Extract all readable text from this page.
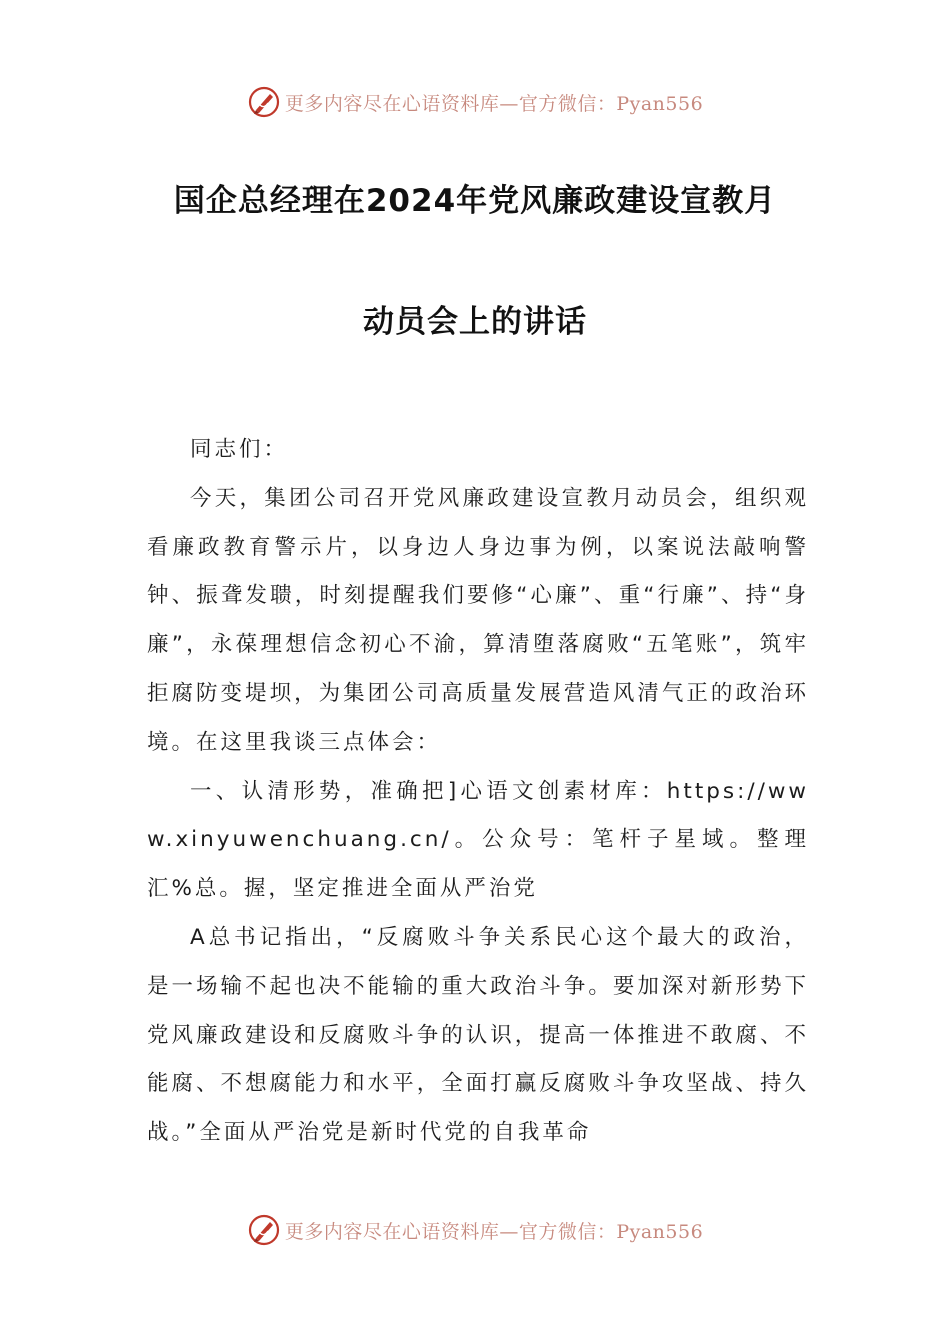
更多内容尽在心语资料库—官方微信：Pyan556
国企总经理在2024年党风廉政建设宣教月
动员会上的讲话

同志们：

今天，集团公司召开党风廉政建设宣教月动员会，组织观看廉政教育警示片，以身边人身边事为例，以案说法敲响警钟、振聋发聩，时刻提醒我们要修“心廉”、重“行廉”、持“身廉”，永葆理想信念初心不渝，算清堕落腐败“五笔账”，筑牢拒腐防变堤坝，为集团公司高质量发展营造风清气正的政治环境。在这里我谈三点体会：

一、认清形势，准确把]心语文创素材库：https://www.xinyuwenchuang.cn/。公众号：笔杆子星域。整理汇%总。握，坚定推进全面从严治党

A总书记指出，“反腐败斗争关系民心这个最大的政治，是一场输不起也决不能输的重大政治斗争。要加深对新形势下党风廉政建设和反腐败斗争的认识，提高一体推进不敢腐、不能腐、不想腐能力和水平，全面打赢反腐败斗争攻坚战、持久战。”全面从严治党是新时代党的自我革命

更多内容尽在心语资料库—官方微信：Pyan556
